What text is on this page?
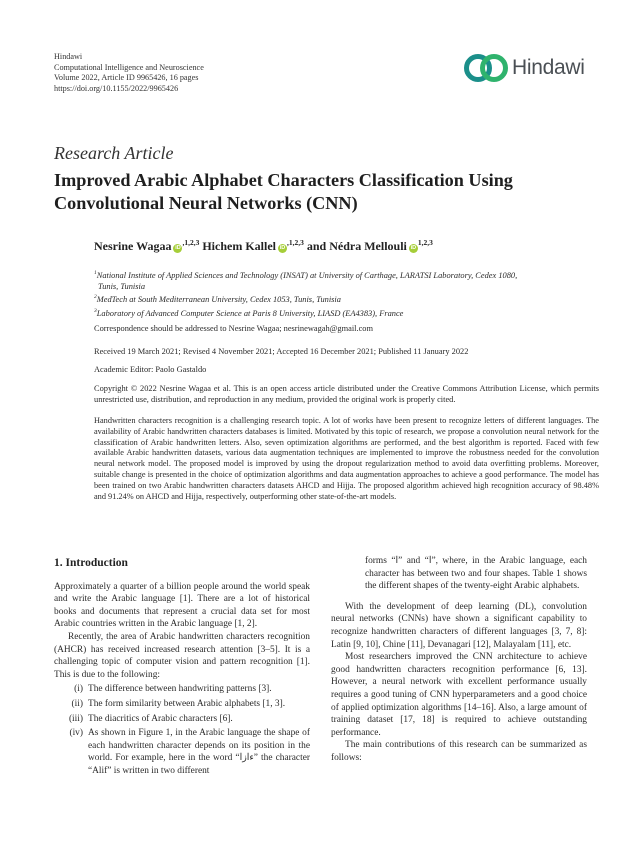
Hindawi
Computational Intelligence and Neuroscience
Volume 2022, Article ID 9965426, 16 pages
https://doi.org/10.1155/2022/9965426
Hindawi
Research Article
Improved Arabic Alphabet Characters Classification Using Convolutional Neural Networks (CNN)
Nesrine Wagaa $iD^{,1,2,3}$ Hichem Kallel $iD^{,1,2,3}$ and Nédra Mellouli iD$^{1,2,3}$

$^1$National Institute of Applied Sciences and Technology (INSAT) at University of Carthage, LARATSI Laboratory, Cedex 1080,

Tunis, Tunisia

$^2$MedTech at South Mediterranean University, Cedex 1053, Tunis, Tunisia

$^3$Laboratory of Advanced Computer Science at Paris 8 University, LIASD (EA4383), France

Correspondence should be addressed to Nesrine Wagaa; nesrinewagah@gmail.com
Received 19 March 2021; Revised 4 November 2021; Accepted 16 December 2021; Published 11 January 2022
Academic Editor: Paolo Gastaldo
Copyright © 2022 Nesrine Wagaa et al. This is an open access article distributed under the Creative Commons Attribution License, which permits unrestricted use, distribution, and reproduction in any medium, provided the original work is properly cited.
Handwritten characters recognition is a challenging research topic. A lot of works have been present to recognize letters of different languages. The availability of Arabic handwritten characters databases is limited. Motivated by this topic of research, we propose a convolution neural network for the classification of Arabic handwritten letters. Also, seven optimization algorithms are performed, and the best algorithm is reported. Faced with few available Arabic handwritten datasets, various data augmentation techniques are implemented to improve the robustness needed for the convolution neural network model. The proposed model is improved by using the dropout regularization method to avoid data overfitting problems. Moreover, suitable change is presented in the choice of optimization algorithms and data augmentation approaches to achieve a good performance. The model has been trained on two Arabic handwritten characters datasets AHCD and Hijja. The proposed algorithm achieved high recognition accuracy of 98.48% and 91.24% on AHCD and Hijja, respectively, outperforming other state-of-the-art models.
1. Introduction

Approximately a quarter of a billion people around the world speak and write the Arabic language [1]. There are a lot of historical books and documents that represent a crucial data set for most Arabic countries written in the Arabic language [1, 2].

Recently, the area of Arabic handwritten characters recognition (AHCR) has received increased research attention [3–5]. It is a challenging topic of computer vision and pattern recognition [1]. This is due to the following:

(i) The difference between handwriting patterns [3].
(ii) The form similarity between Arabic alphabets [1, 3].
(iii) The diacritics of Arabic characters [6].
(iv) As shown in Figure 1, in the Arabic language the shape of each handwritten character depends on its position in the world. For example, here in the word “ءازا” the character “Alif” is written in two different

forms “ا” and “ا”, where, in the Arabic language, each character has between two and four shapes. Table 1 shows the different shapes of the twenty-eight Arabic alphabets.

With the development of deep learning (DL), convolution neural networks (CNNs) have shown a significant capability to recognize handwritten characters of different languages [3, 7, 8]: Latin [9, 10], Chine [11], Devanagari [12], Malayalam [11], etc.

Most researchers improved the CNN architecture to achieve good handwritten characters recognition performance [6, 13]. However, a neural network with excellent performance usually requires a good tuning of CNN hyperparameters and a good choice of applied optimization algorithms [14–16]. Also, a large amount of training dataset [17, 18] is required to achieve outstanding performance.

The main contributions of this research can be summarized as follows:
